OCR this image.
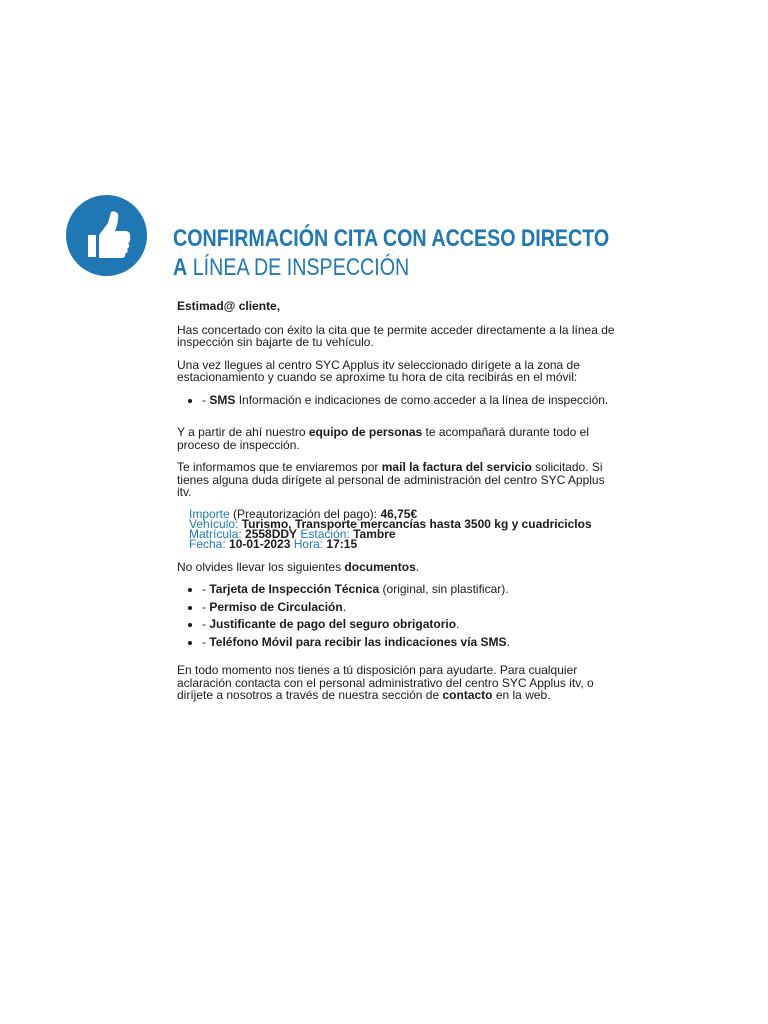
CONFIRMACIÓN CITA CON ACCESO DIRECTO
A LÍNEA DE INSPECCIÓN

Estimad@ cliente,

Has concertado con éxito la cita que te permite acceder directamente a la línea de inspección sin bajarte de tu vehículo.

Una vez llegues al centro SYC Applus itv seleccionado dirígete a la zona de estacionamiento y cuando se aproxime tu hora de cita recibirás en el móvil:

• - SMS Información e indicaciones de como acceder a la línea de inspección.

Y a partir de ahí nuestro equipo de personas te acompañará durante todo el proceso de inspección.

Te informamos que te enviaremos por mail la factura del servicio solicitado. Si tienes alguna duda dirígete al personal de administración del centro SYC Applus itv.

Importe (Preautorización del pago): 46,75€
Vehículo: Turismo, Transporte mercancías hasta 3500 kg y cuadriciclos
Matrícula: 2558DDY Estación: Tambre
Fecha: 10-01-2023 Hora: 17:15

No olvides llevar los siguientes documentos.

• - Tarjeta de Inspección Técnica (original, sin plastificar).
• - Permiso de Circulación.
• - Justificante de pago del seguro obrigatorio.
• - Teléfono Móvil para recibir las indicaciones vía SMS.

En todo momento nos tienes a tú disposición para ayudarte. Para cualquier aclaración contacta con el personal administrativo del centro SYC Applus itv, o diríjete a nosotros a través de nuestra sección de contacto en la web.
